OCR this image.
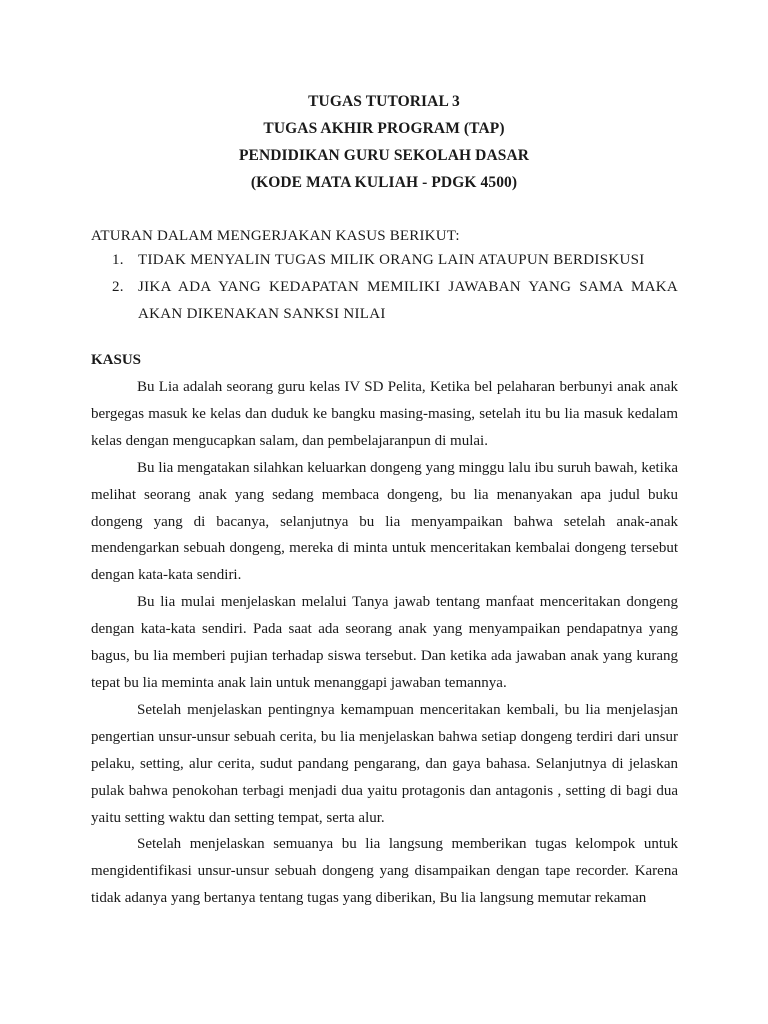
TUGAS TUTORIAL 3
TUGAS AKHIR PROGRAM (TAP)
PENDIDIKAN GURU SEKOLAH DASAR
(KODE MATA KULIAH - PDGK 4500)
ATURAN DALAM MENGERJAKAN KASUS BERIKUT:
1. TIDAK MENYALIN TUGAS MILIK ORANG LAIN ATAUPUN BERDISKUSI
2. JIKA ADA YANG KEDAPATAN MEMILIKI JAWABAN YANG SAMA MAKA AKAN DIKENAKAN SANKSI NILAI
KASUS

Bu Lia adalah seorang guru kelas IV SD Pelita, Ketika bel pelaharan berbunyi anak anak bergegas masuk ke kelas dan duduk ke bangku masing-masing, setelah itu bu lia masuk kedalam kelas dengan mengucapkan salam, dan pembelajaranpun di mulai.

Bu lia mengatakan silahkan keluarkan dongeng yang minggu lalu ibu suruh bawah, ketika melihat seorang anak yang sedang membaca dongeng, bu lia menanyakan apa judul buku dongeng yang di bacanya, selanjutnya bu lia menyampaikan bahwa setelah anak-anak mendengarkan sebuah dongeng, mereka di minta untuk menceritakan kembalai dongeng tersebut dengan kata-kata sendiri.

Bu lia mulai menjelaskan melalui Tanya jawab tentang manfaat menceritakan dongeng dengan kata-kata sendiri. Pada saat ada seorang anak yang menyampaikan pendapatnya yang bagus, bu lia memberi pujian terhadap siswa tersebut. Dan ketika ada jawaban anak yang kurang tepat bu lia meminta anak lain untuk menanggapi jawaban temannya.

Setelah menjelaskan pentingnya kemampuan menceritakan kembali, bu lia menjelasjan pengertian unsur-unsur sebuah cerita, bu lia menjelaskan bahwa setiap dongeng terdiri dari unsur pelaku, setting, alur cerita, sudut pandang pengarang, dan gaya bahasa. Selanjutnya di jelaskan pulak bahwa penokohan terbagi menjadi dua yaitu protagonis dan antagonis , setting di bagi dua yaitu setting waktu dan setting tempat, serta alur.

Setelah menjelaskan semuanya bu lia langsung memberikan tugas kelompok untuk mengidentifikasi unsur-unsur sebuah dongeng yang disampaikan dengan tape recorder. Karena tidak adanya yang bertanya tentang tugas yang diberikan, Bu lia langsung memutar rekaman
